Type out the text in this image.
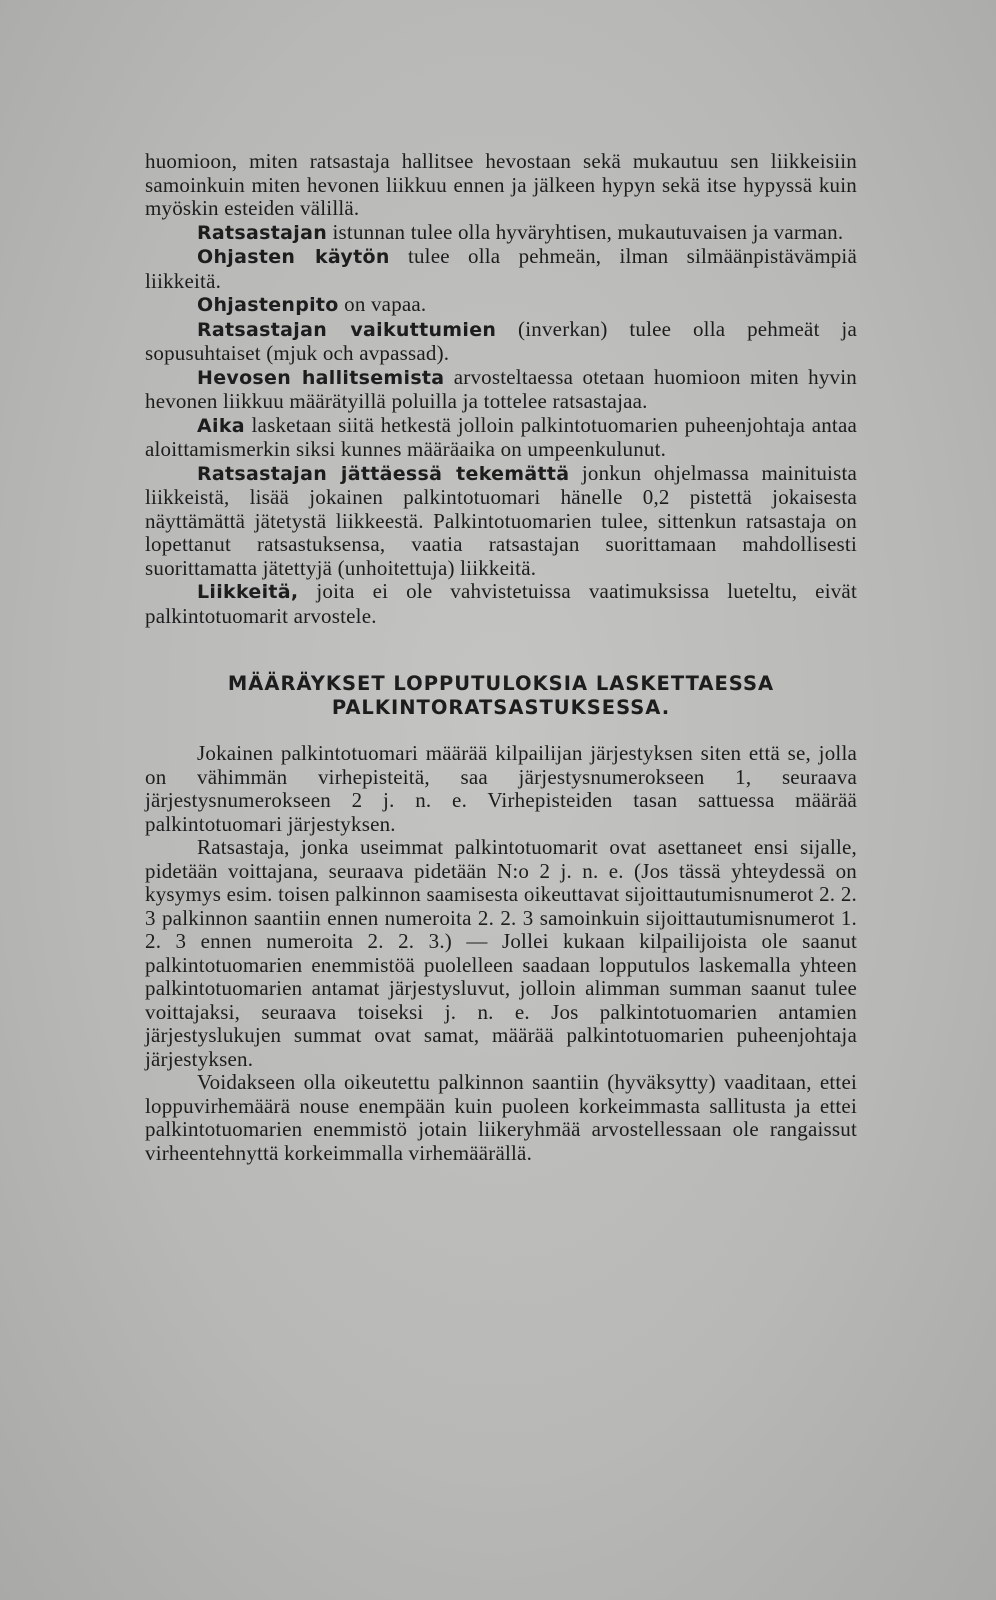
huomioon, miten ratsastaja hallitsee hevostaan sekä mukautuu sen liikkeisiin samoinkuin miten hevonen liikkuu ennen ja jälkeen hypyn sekä itse hypyssä kuin myöskin esteiden välillä.

Ratsastajan istunnan tulee olla hyväryhtisen, mukautuvaisen ja varman.

Ohjasten käytön tulee olla pehmeän, ilman silmäänpistävämpiä liikkeitä.

Ohjastenpito on vapaa.

Ratsastajan vaikuttumien (inverkan) tulee olla pehmeät ja sopusuhtaiset (mjuk och avpassad).

Hevosen hallitsemista arvosteltaessa otetaan huomioon miten hyvin hevonen liikkuu määrätyillä poluilla ja tottelee ratsastajaa.

Aika lasketaan siitä hetkestä jolloin palkintotuomarien puheenjohtaja antaa aloittamismerkin siksi kunnes määräaika on umpeenkulunut.

Ratsastajan jättäessä tekemättä jonkun ohjelmassa mainituista liikkeistä, lisää jokainen palkintotuomari hänelle 0,2 pistettä jokaisesta näyttämättä jätetystä liikkeestä. Palkintotuomarien tulee, sittenkun ratsastaja on lopettanut ratsastuksensa, vaatia ratsastajan suorittamaan mahdollisesti suorittamatta jätettyjä (unhoitettuja) liikkeitä.

Liikkeitä, joita ei ole vahvistetuissa vaatimuksissa lueteltu, eivät palkintotuomarit arvostele.

MÄÄRÄYKSET LOPPUTULOKSIA LASKETTAESSA
PALKINTORATSASTUKSESSA.

Jokainen palkintotuomari määrää kilpailijan järjestyksen siten että se, jolla on vähimmän virhepisteitä, saa järjestysnumerokseen 1, seuraava järjestysnumerokseen 2 j. n. e. Virhepisteiden tasan sattuessa määrää palkintotuomari järjestyksen.

Ratsastaja, jonka useimmat palkintotuomarit ovat asettaneet ensi sijalle, pidetään voittajana, seuraava pidetään N:o 2 j. n. e. (Jos tässä yhteydessä on kysymys esim. toisen palkinnon saamisesta oikeuttavat sijoittautumisnumerot 2. 2. 3 palkinnon saantiin ennen numeroita 2. 2. 3 samoinkuin sijoittautumisnumerot 1. 2. 3 ennen numeroita 2. 2. 3.) — Jollei kukaan kilpailijoista ole saanut palkintotuomarien enemmistöä puolelleen saadaan lopputulos laskemalla yhteen palkintotuomarien antamat järjestysluvut, jolloin alimman summan saanut tulee voittajaksi, seuraava toiseksi j. n. e. Jos palkintotuomarien antamien järjestyslukujen summat ovat samat, määrää palkintotuomarien puheenjohtaja järjestyksen.

Voidakseen olla oikeutettu palkinnon saantiin (hyväksytty) vaaditaan, ettei loppuvirhemäärä nouse enempään kuin puoleen korkeimmasta sallitusta ja ettei palkintotuomarien enemmistö jotain liikeryhmää arvostellessaan ole rangaissut virheentehnyttä korkeimmalla virhemäärällä.
